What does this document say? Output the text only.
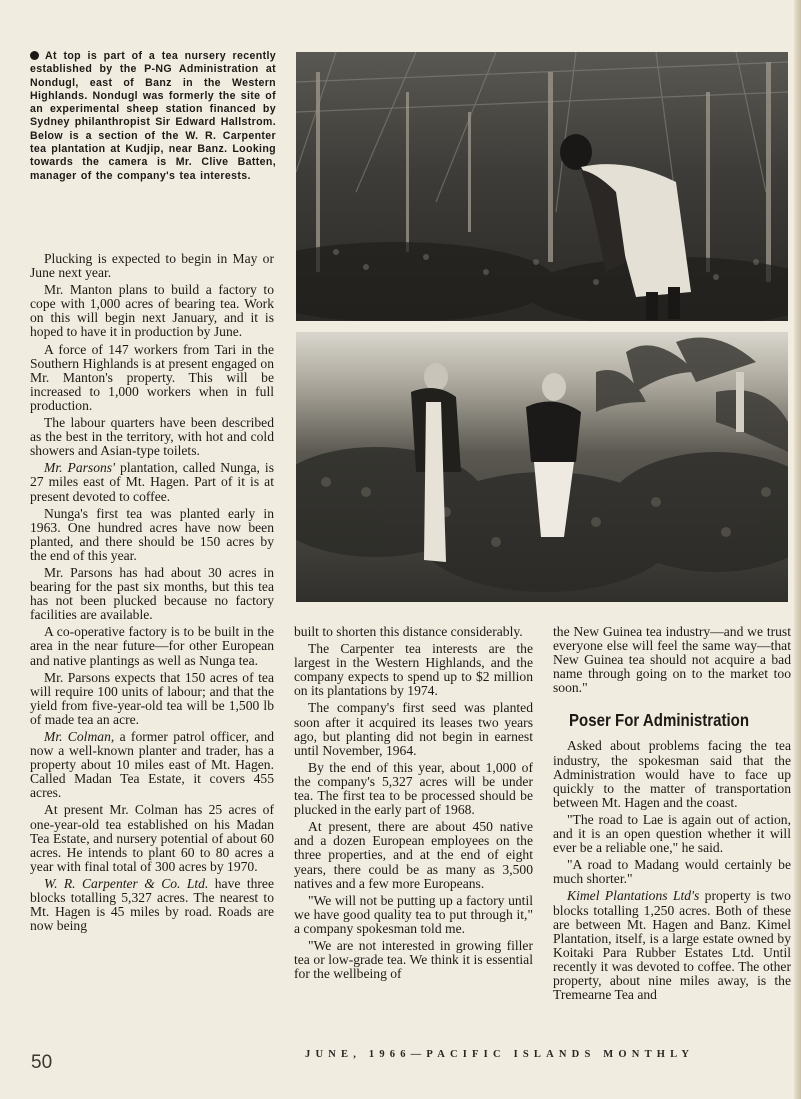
At top is part of a tea nursery recently established by the P-NG Administration at Nondugl, east of Banz in the Western Highlands. Nondugl was formerly the site of an experimental sheep station financed by Sydney philanthropist Sir Edward Hallstrom. Below is a section of the W. R. Carpenter tea plantation at Kudjip, near Banz. Looking towards the camera is Mr. Clive Batten, manager of the company's tea interests.

Plucking is expected to begin in May or June next year.

Mr. Manton plans to build a factory to cope with 1,000 acres of bearing tea. Work on this will begin next January, and it is hoped to have it in production by June.

A force of 147 workers from Tari in the Southern Highlands is at present engaged on Mr. Manton's property. This will be increased to 1,000 workers when in full production.

The labour quarters have been described as the best in the territory, with hot and cold showers and Asian-type toilets.

Mr. Parsons' plantation, called Nunga, is 27 miles east of Mt. Hagen. Part of it is at present devoted to coffee.

Nunga's first tea was planted early in 1963. One hundred acres have now been planted, and there should be 150 acres by the end of this year.

Mr. Parsons has had about 30 acres in bearing for the past six months, but this tea has not been plucked because no factory facilities are available.

A co-operative factory is to be built in the area in the near future—for other European and native plantings as well as Nunga tea.

Mr. Parsons expects that 150 acres of tea will require 100 units of labour; and that the yield from five-year-old tea will be 1,500 lb of made tea an acre.

Mr. Colman, a former patrol officer, and now a well-known planter and trader, has a property about 10 miles east of Mt. Hagen. Called Madan Tea Estate, it covers 455 acres.

At present Mr. Colman has 25 acres of one-year-old tea established on his Madan Tea Estate, and nursery potential of about 60 acres. He intends to plant 60 to 80 acres a year with final total of 300 acres by 1970.

W. R. Carpenter & Co. Ltd. have three blocks totalling 5,327 acres. The nearest to Mt. Hagen is 45 miles by road. Roads are now being

built to shorten this distance considerably.

The Carpenter tea interests are the largest in the Western Highlands, and the company expects to spend up to $2 million on its plantations by 1974.

The company's first seed was planted soon after it acquired its leases two years ago, but planting did not begin in earnest until November, 1964.

By the end of this year, about 1,000 of the company's 5,327 acres will be under tea. The first tea to be processed should be plucked in the early part of 1968.

At present, there are about 450 native and a dozen European employees on the three properties, and at the end of eight years, there could be as many as 3,500 natives and a few more Europeans.

"We will not be putting up a factory until we have good quality tea to put through it," a company spokesman told me.

"We are not interested in growing filler tea or low-grade tea. We think it is essential for the wellbeing of

the New Guinea tea industry—and we trust everyone else will feel the same way—that New Guinea tea should not acquire a bad name through going on to the market too soon."

Poser For Administration

Asked about problems facing the tea industry, the spokesman said that the Administration would have to face up quickly to the matter of transportation between Mt. Hagen and the coast.

"The road to Lae is again out of action, and it is an open question whether it will ever be a reliable one," he said.

"A road to Madang would certainly be much shorter."

Kimel Plantations Ltd's property is two blocks totalling 1,250 acres. Both of these are between Mt. Hagen and Banz. Kimel Plantation, itself, is a large estate owned by Koitaki Para Rubber Estates Ltd. Until recently it was devoted to coffee. The other property, about nine miles away, is the Tremearne Tea and

JUNE, 1966—PACIFIC ISLANDS MONTHLY
50
